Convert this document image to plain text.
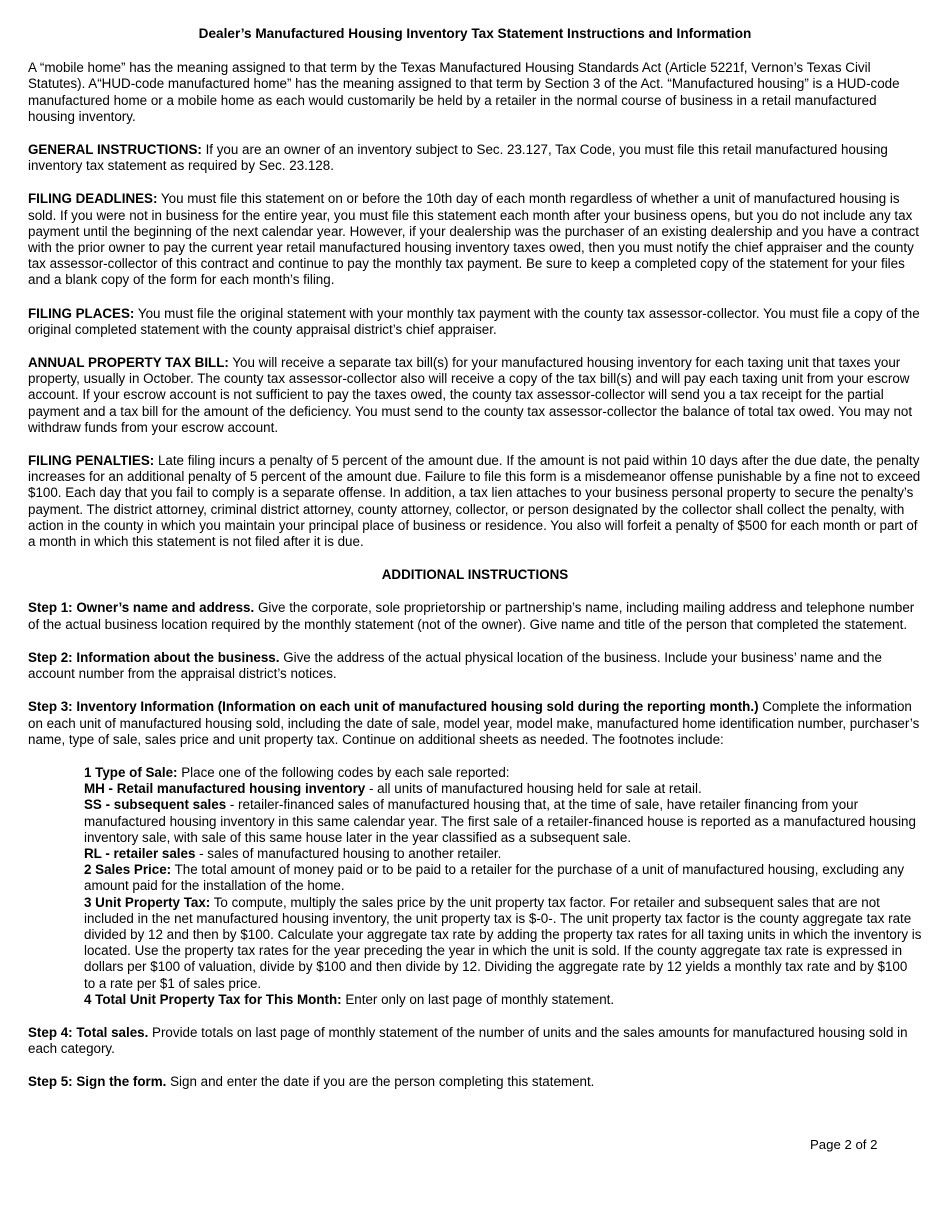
Dealer’s Manufactured Housing Inventory Tax Statement Instructions and Information

A “mobile home” has the meaning assigned to that term by the Texas Manufactured Housing Standards Act (Article 5221f, Vernon’s Texas Civil Statutes). A“HUD-code manufactured home” has the meaning assigned to that term by Section 3 of the Act. “Manufactured housing” is a HUD-code manufactured home or a mobile home as each would customarily be held by a retailer in the normal course of business in a retail manufactured housing inventory.

GENERAL INSTRUCTIONS: If you are an owner of an inventory subject to Sec. 23.127, Tax Code, you must file this retail manufactured housing inventory tax statement as required by Sec. 23.128.

FILING DEADLINES: You must file this statement on or before the 10th day of each month regardless of whether a unit of manufactured housing is sold. If you were not in business for the entire year, you must file this statement each month after your business opens, but you do not include any tax payment until the beginning of the next calendar year. However, if your dealership was the purchaser of an existing dealership and you have a contract with the prior owner to pay the current year retail manufactured housing inventory taxes owed, then you must notify the chief appraiser and the county tax assessor-collector of this contract and continue to pay the monthly tax payment. Be sure to keep a completed copy of the statement for your files and a blank copy of the form for each month’s filing.

FILING PLACES: You must file the original statement with your monthly tax payment with the county tax assessor-collector. You must file a copy of the original completed statement with the county appraisal district’s chief appraiser.

ANNUAL PROPERTY TAX BILL: You will receive a separate tax bill(s) for your manufactured housing inventory for each taxing unit that taxes your property, usually in October. The county tax assessor-collector also will receive a copy of the tax bill(s) and will pay each taxing unit from your escrow account. If your escrow account is not sufficient to pay the taxes owed, the county tax assessor-collector will send you a tax receipt for the partial payment and a tax bill for the amount of the deficiency. You must send to the county tax assessor-collector the balance of total tax owed. You may not withdraw funds from your escrow account.

FILING PENALTIES: Late filing incurs a penalty of 5 percent of the amount due. If the amount is not paid within 10 days after the due date, the penalty increases for an additional penalty of 5 percent of the amount due. Failure to file this form is a misdemeanor offense punishable by a fine not to exceed $100. Each day that you fail to comply is a separate offense. In addition, a tax lien attaches to your business personal property to secure the penalty’s payment. The district attorney, criminal district attorney, county attorney, collector, or person designated by the collector shall collect the penalty, with action in the county in which you maintain your principal place of business or residence. You also will forfeit a penalty of $500 for each month or part of a month in which this statement is not filed after it is due.

ADDITIONAL INSTRUCTIONS

Step 1: Owner’s name and address. Give the corporate, sole proprietorship or partnership’s name, including mailing address and telephone number of the actual business location required by the monthly statement (not of the owner). Give name and title of the person that completed the statement.

Step 2: Information about the business. Give the address of the actual physical location of the business. Include your business’ name and the account number from the appraisal district’s notices.

Step 3: Inventory Information (Information on each unit of manufactured housing sold during the reporting month.) Complete the information on each unit of manufactured housing sold, including the date of sale, model year, model make, manufactured home identification number, purchaser’s name, type of sale, sales price and unit property tax. Continue on additional sheets as needed. The footnotes include:

1 Type of Sale: Place one of the following codes by each sale reported:
MH - Retail manufactured housing inventory - all units of manufactured housing held for sale at retail.
SS - subsequent sales - retailer-financed sales of manufactured housing that, at the time of sale, have retailer financing from your manufactured housing inventory in this same calendar year. The first sale of a retailer-financed house is reported as a manufactured housing inventory sale, with sale of this same house later in the year classified as a subsequent sale.
RL - retailer sales - sales of manufactured housing to another retailer.
2 Sales Price: The total amount of money paid or to be paid to a retailer for the purchase of a unit of manufactured housing, excluding any amount paid for the installation of the home.
3 Unit Property Tax: To compute, multiply the sales price by the unit property tax factor. For retailer and subsequent sales that are not included in the net manufactured housing inventory, the unit property tax is $-0-. The unit property tax factor is the county aggregate tax rate divided by 12 and then by $100. Calculate your aggregate tax rate by adding the property tax rates for all taxing units in which the inventory is located. Use the property tax rates for the year preceding the year in which the unit is sold. If the county aggregate tax rate is expressed in dollars per $100 of valuation, divide by $100 and then divide by 12. Dividing the aggregate rate by 12 yields a monthly tax rate and by $100 to a rate per $1 of sales price.
4 Total Unit Property Tax for This Month: Enter only on last page of monthly statement.

Step 4: Total sales. Provide totals on last page of monthly statement of the number of units and the sales amounts for manufactured housing sold in each category.

Step 5: Sign the form. Sign and enter the date if you are the person completing this statement.

Page 2 of 2
